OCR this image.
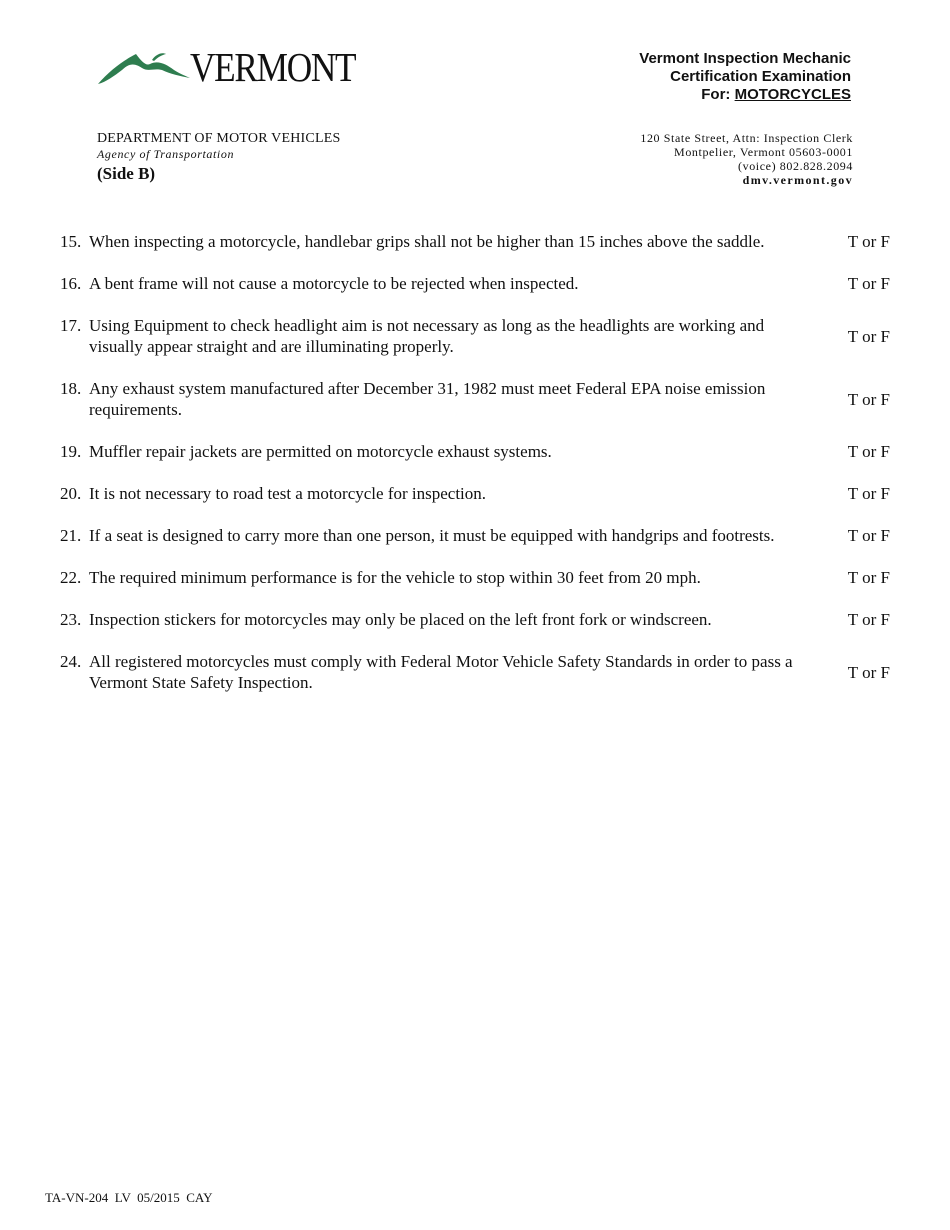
VERMONT	Vermont Inspection Mechanic
Certification Examination
For: MOTORCYCLES
DEPARTMENT OF MOTOR VEHICLES
Agency of Transportation
(Side B)
120 State Street, Attn: Inspection Clerk
Montpelier, Vermont 05603-0001
(voice) 802.828.2094
dmv.vermont.gov
15. When inspecting a motorcycle, handlebar grips shall not be higher than 15 inches above the saddle.	T or F
16. A bent frame will not cause a motorcycle to be rejected when inspected.	T or F
17. Using Equipment to check headlight aim is not necessary as long as the headlights are working and visually appear straight and are illuminating properly.
T or F
18. Any exhaust system manufactured after December 31, 1982 must meet Federal EPA noise emission requirements.
T or F
19. Muffler repair jackets are permitted on motorcycle exhaust systems.	T or F
20. It is not necessary to road test a motorcycle for inspection.	T or F
21. If a seat is designed to carry more than one person, it must be equipped with handgrips and footrests.	T or F
22. The required minimum performance is for the vehicle to stop within 30 feet from 20 mph.	T or F
23. Inspection stickers for motorcycles may only be placed on the left front fork or windscreen.	T or F
24. All registered motorcycles must comply with Federal Motor Vehicle Safety Standards in order to pass a Vermont State Safety Inspection.
T or F
TA-VN-204  LV  05/2015  CAY
